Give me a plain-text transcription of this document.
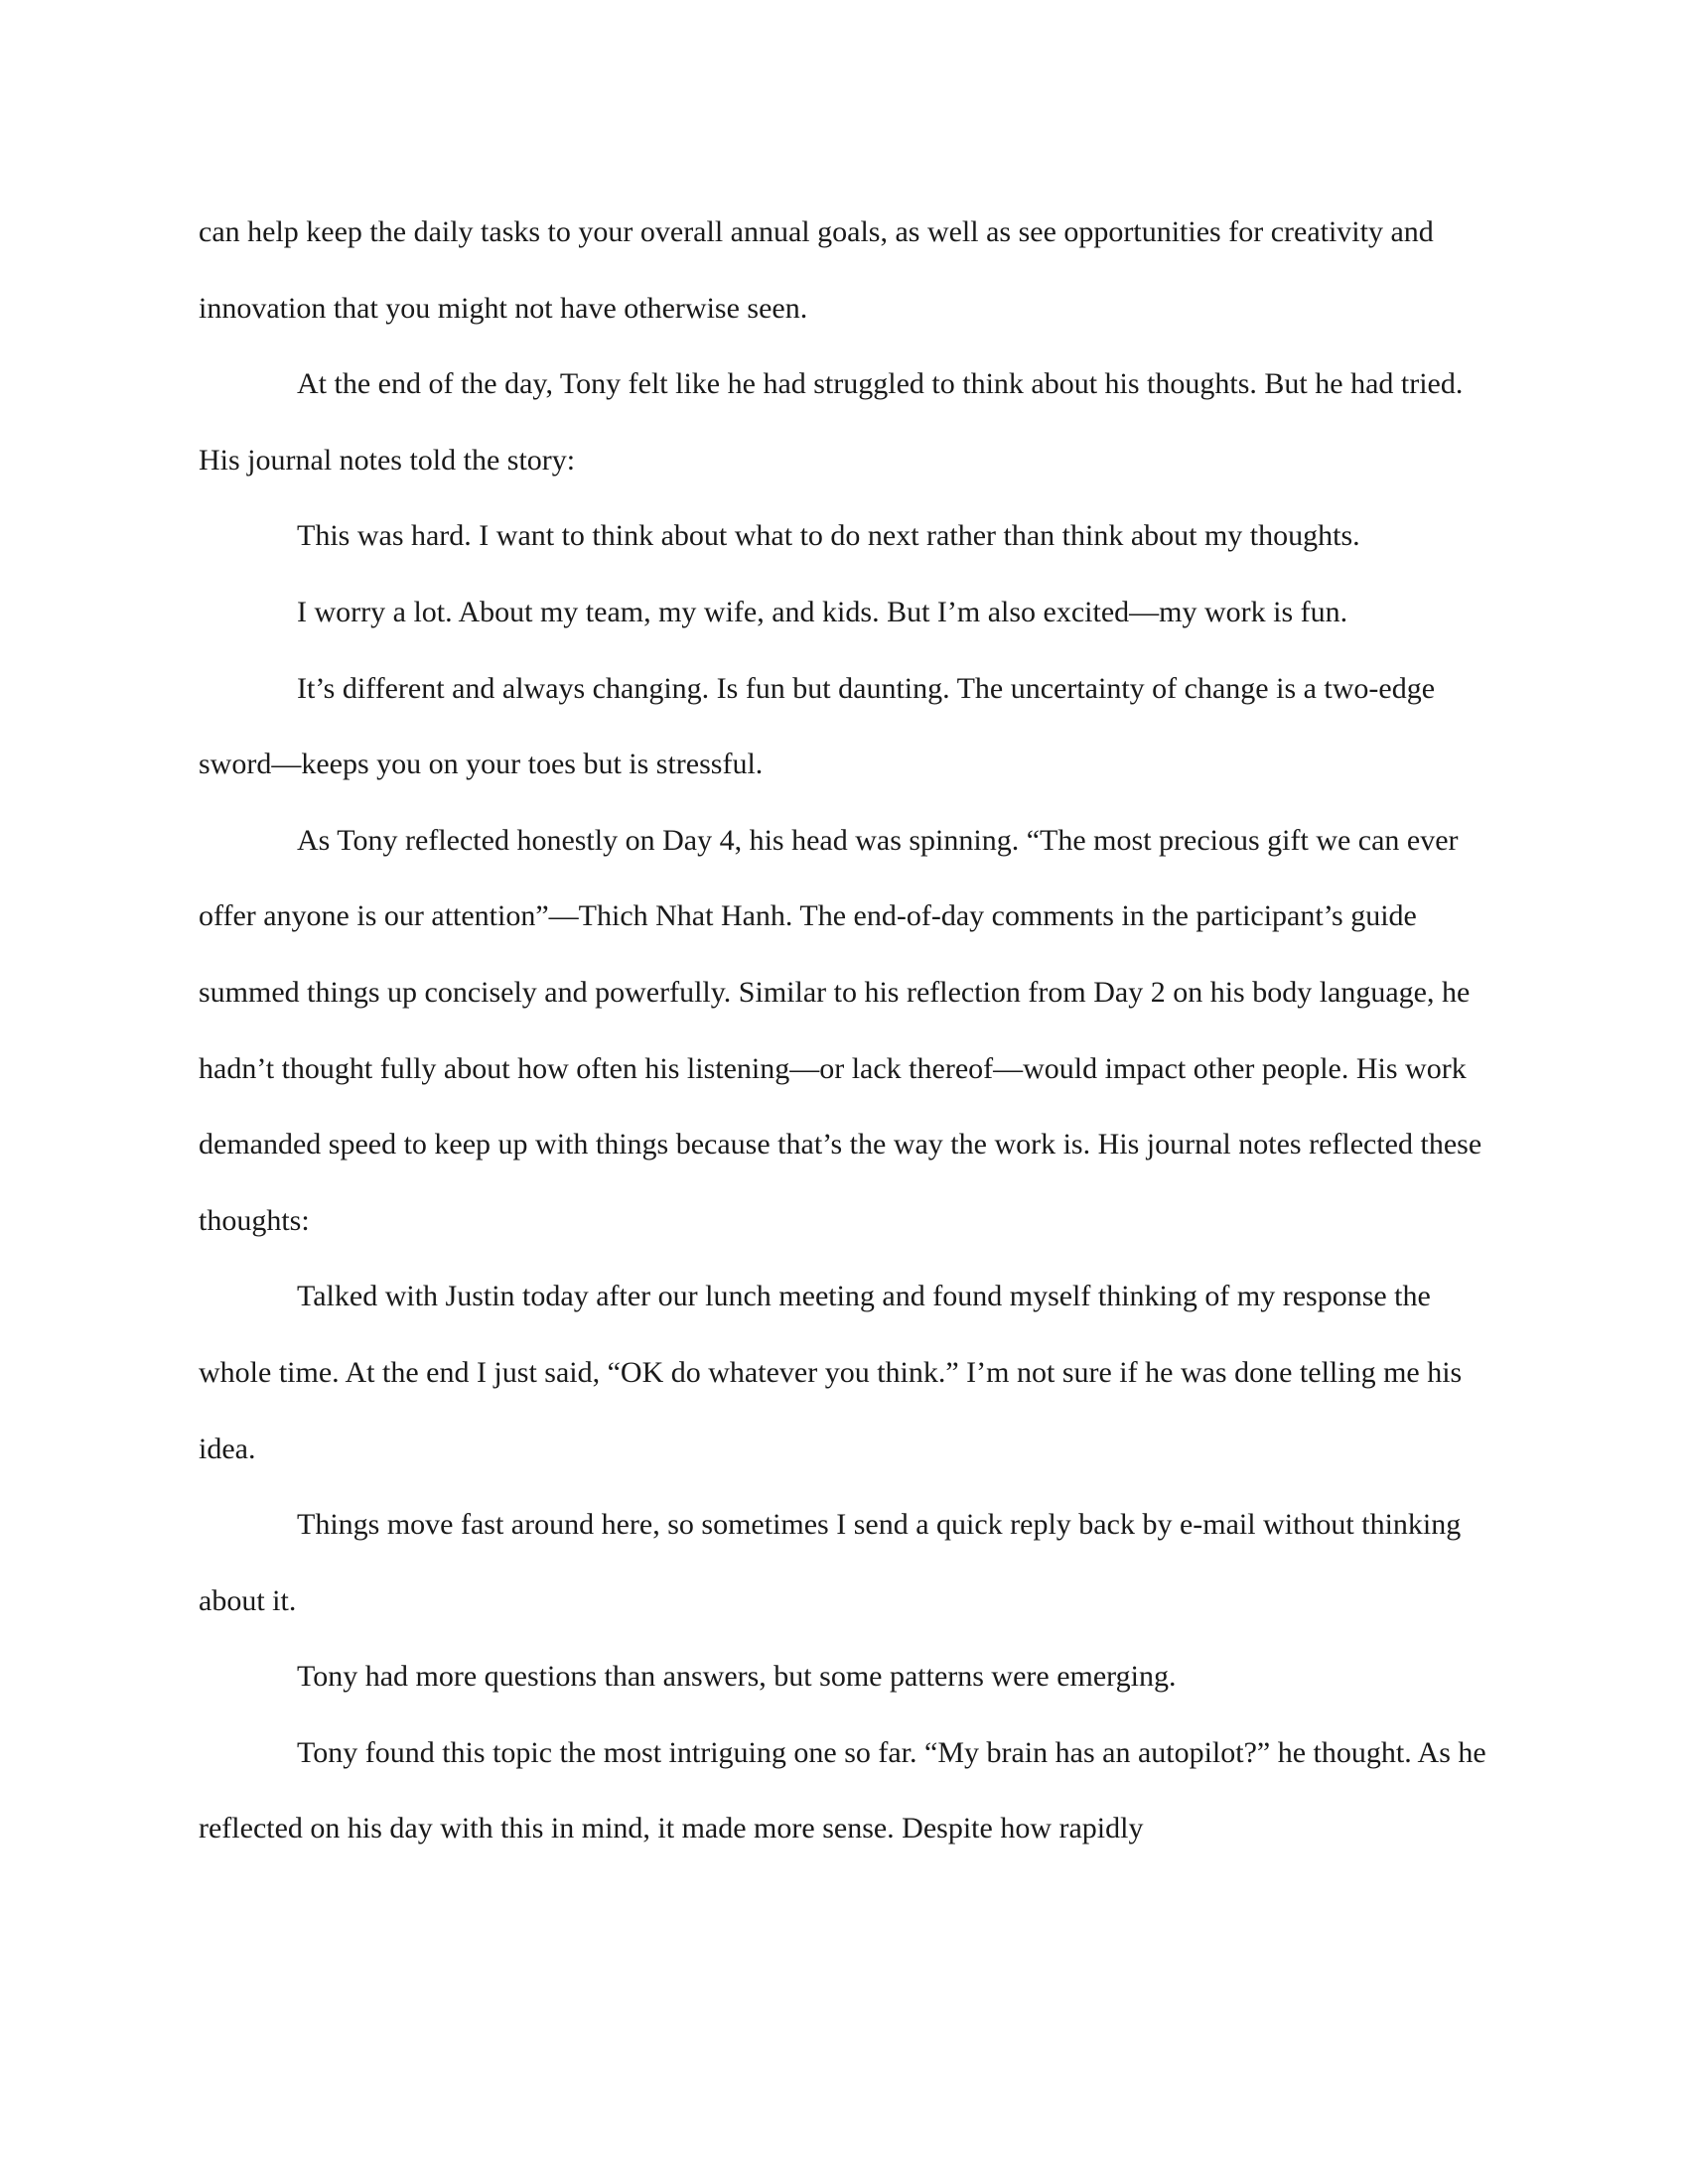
can help keep the daily tasks to your overall annual goals, as well as see opportunities for creativity and innovation that you might not have otherwise seen.

At the end of the day, Tony felt like he had struggled to think about his thoughts. But he had tried. His journal notes told the story:

This was hard. I want to think about what to do next rather than think about my thoughts.

I worry a lot. About my team, my wife, and kids. But I’m also excited—my work is fun.

It’s different and always changing. Is fun but daunting. The uncertainty of change is a two-edge sword—keeps you on your toes but is stressful.

As Tony reflected honestly on Day 4, his head was spinning. “The most precious gift we can ever offer anyone is our attention”—Thich Nhat Hanh. The end-of-day comments in the participant’s guide summed things up concisely and powerfully. Similar to his reflection from Day 2 on his body language, he hadn’t thought fully about how often his listening—or lack thereof—would impact other people. His work demanded speed to keep up with things because that’s the way the work is. His journal notes reflected these thoughts:

Talked with Justin today after our lunch meeting and found myself thinking of my response the whole time. At the end I just said, “OK do whatever you think.” I’m not sure if he was done telling me his idea.

Things move fast around here, so sometimes I send a quick reply back by e-mail without thinking about it.

Tony had more questions than answers, but some patterns were emerging.

Tony found this topic the most intriguing one so far. “My brain has an autopilot?” he thought. As he reflected on his day with this in mind, it made more sense. Despite how rapidly
